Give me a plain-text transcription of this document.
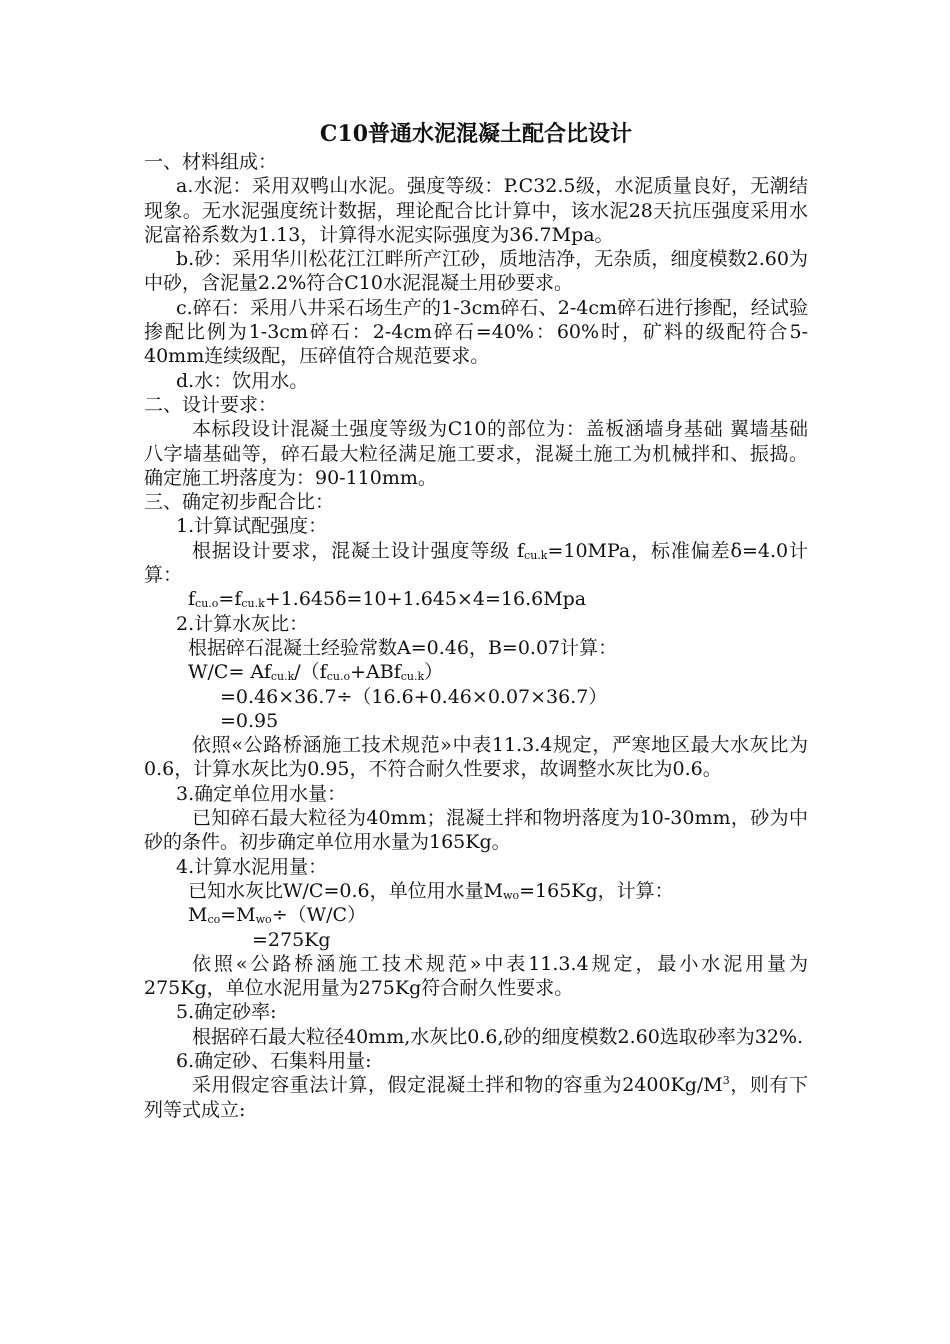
C10普通水泥混凝土配合比设计
一、材料组成：
a.水泥：采用双鸭山水泥。强度等级：P.C32.5级，水泥质量良好，无潮结现象。无水泥强度统计数据，理论配合比计算中，该水泥28天抗压强度采用水泥富裕系数为1.13，计算得水泥实际强度为36.7Mpa。
b.砂：采用华川松花江江畔所产江砂，质地洁净，无杂质，细度模数2.60为中砂，含泥量2.2%符合C10水泥混凝土用砂要求。
c.碎石：采用八井采石场生产的1-3cm碎石、2-4cm碎石进行掺配，经试验掺配比例为1-3cm碎石：2-4cm碎石=40%：60%时，矿料的级配符合5-40mm连续级配，压碎值符合规范要求。
d.水：饮用水。
二、设计要求：
本标段设计混凝土强度等级为C10的部位为：盖板涵墙身基础 翼墙基础 八字墙基础等，碎石最大粒径满足施工要求，混凝土施工为机械拌和、振捣。确定施工坍落度为：90-110mm。
三、确定初步配合比：
1.计算试配强度：
根据设计要求，混凝土设计强度等级 $f_{cu.k}=10MPa$，标准偏差δ=4.0计算：
$f_{cu.o}=f_{cu.k}+1.645\delta=10+1.645\times 4=16.6Mpa$
2.计算水灰比：
根据碎石混凝土经验常数A=0.46，B=0.07计算：
$W/C= Af_{cu.k}/(f_{cu.o}+ABf_{cu.k})$
=0.46×36.7÷（16.6+0.46×0.07×36.7）
=0.95
依照«公路桥涵施工技术规范»中表11.3.4规定，严寒地区最大水灰比为0.6，计算水灰比为0.95，不符合耐久性要求，故调整水灰比为0.6。
3.确定单位用水量：
已知碎石最大粒径为40mm；混凝土拌和物坍落度为10-30mm，砂为中砂的条件。初步确定单位用水量为165Kg。
4.计算水泥用量：
已知水灰比W/C=0.6，单位用水量$M_{wo}=165Kg$，计算：
$M_{co}=M_{wo}\div(W/C)$
=275Kg
依照«公路桥涵施工技术规范»中表11.3.4规定，最小水泥用量为275Kg，单位水泥用量为275Kg符合耐久性要求。
5.确定砂率:
根据碎石最大粒径40mm,水灰比0.6,砂的细度模数2.60选取砂率为32%.
6.确定砂、石集料用量:
采用假定容重法计算，假定混凝土拌和物的容重为$2400Kg/M^3$，则有下列等式成立:
